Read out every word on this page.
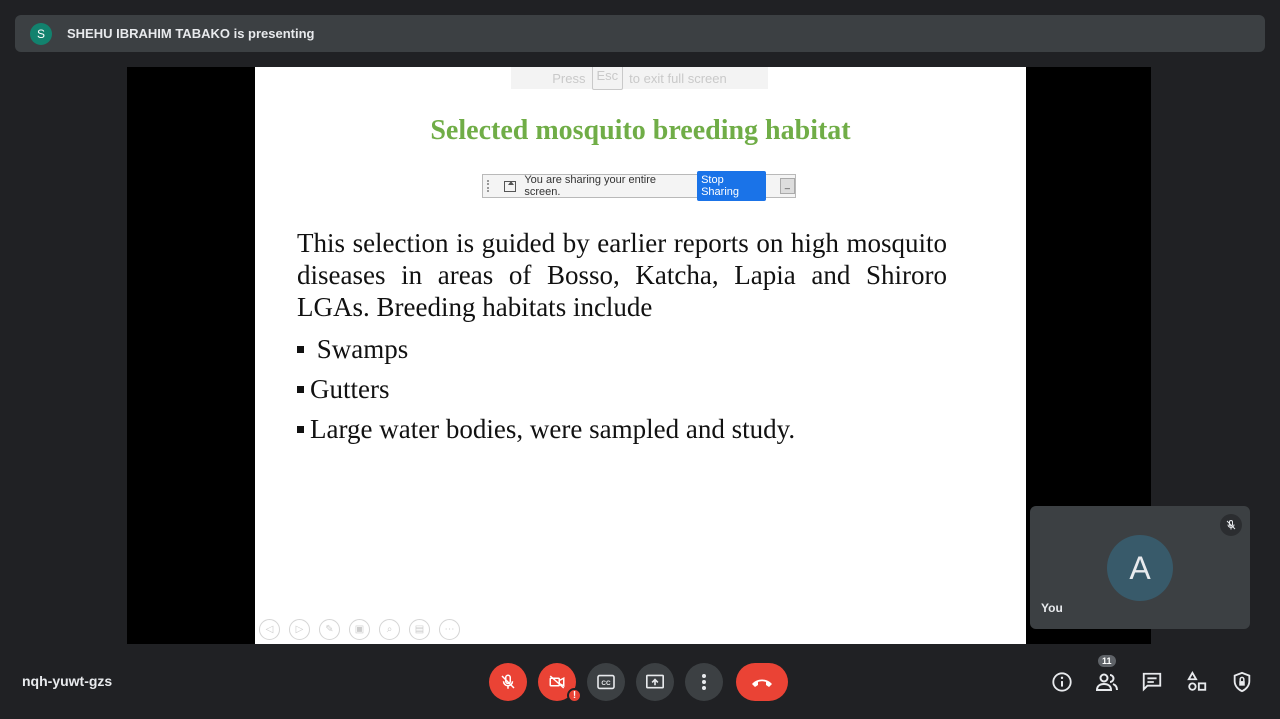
S	SHEHU IBRAHIM TABAKO is presenting
Press Esc to exit full screen
Selected mosquito breeding habitat
You are sharing your entire screen.
Stop Sharing
_
This selection is guided by earlier reports on high mosquito diseases in areas of Bosso, Katcha, Lapia and Shiroro LGAs. Breeding habitats include

Swamps
Gutters
Large water bodies, were sampled and study.
◁	▷	✎	▣	⌕	▤	⋯
A
You
nqh-yuwt-gzs
!
CC
11
